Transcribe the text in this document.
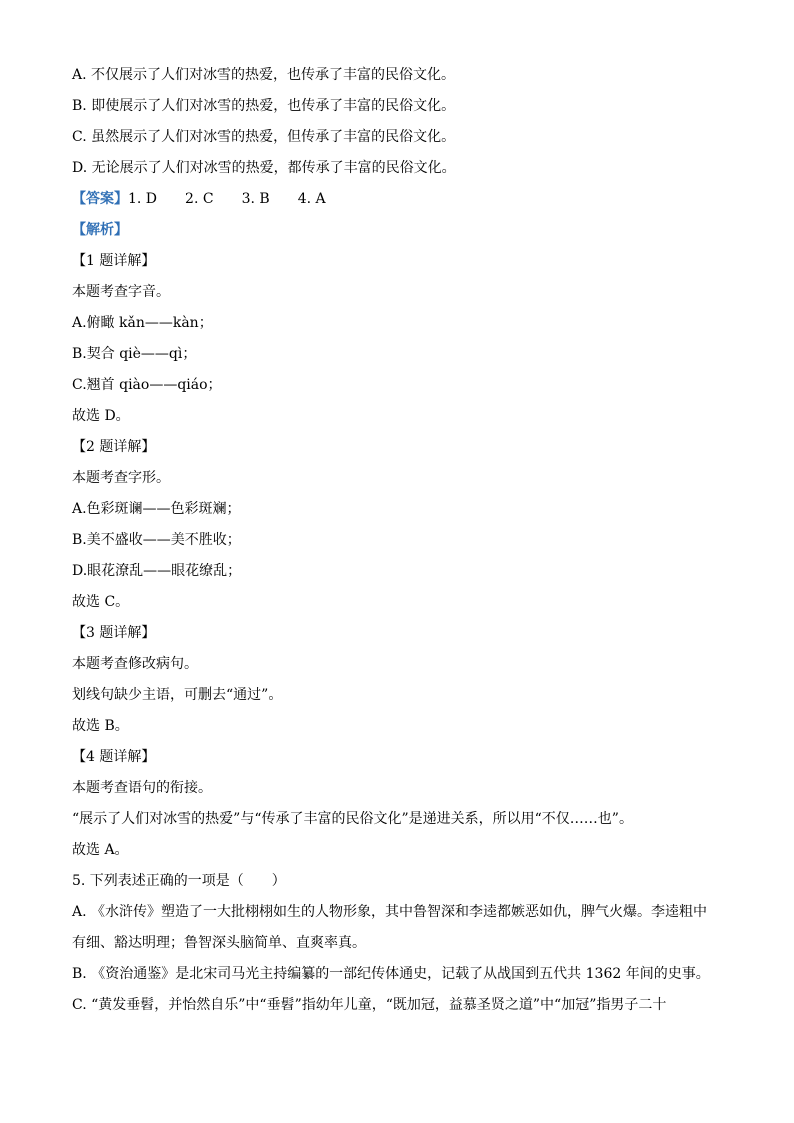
A. 不仅展示了人们对冰雪的热爱，也传承了丰富的民俗文化。
B. 即使展示了人们对冰雪的热爱，也传承了丰富的民俗文化。
C. 虽然展示了人们对冰雪的热爱，但传承了丰富的民俗文化。
D. 无论展示了人们对冰雪的热爱，都传承了丰富的民俗文化。
【答案】1. D 2. C 3. B 4. A
【解析】
【1 题详解】
本题考查字音。
A.俯瞰 kǎn——kàn；
B.契合 qiè——qì；
C.翘首 qiào——qiáo；
故选 D。
【2 题详解】
本题考查字形。
A.色彩斑谰——色彩斑斓；
B.美不盛收——美不胜收；
D.眼花潦乱——眼花缭乱；
故选 C。
【3 题详解】
本题考查修改病句。
划线句缺少主语，可删去“通过”。
故选 B。
【4 题详解】
本题考查语句的衔接。
“展示了人们对冰雪的热爱”与“传承了丰富的民俗文化”是递进关系，所以用“不仅……也”。
故选 A。
5. 下列表述正确的一项是（　　）
A. 《水浒传》塑造了一大批栩栩如生的人物形象，其中鲁智深和李逵都嫉恶如仇，脾气火爆。李逵粗中
有细、豁达明理；鲁智深头脑简单、直爽率真。
B. 《资治通鉴》是北宋司马光主持编纂的一部纪传体通史，记载了从战国到五代共 1362 年间的史事。
C. “黄发垂髫，并怡然自乐”中“垂髫”指幼年儿童，“既加冠，益慕圣贤之道”中“加冠”指男子二十
